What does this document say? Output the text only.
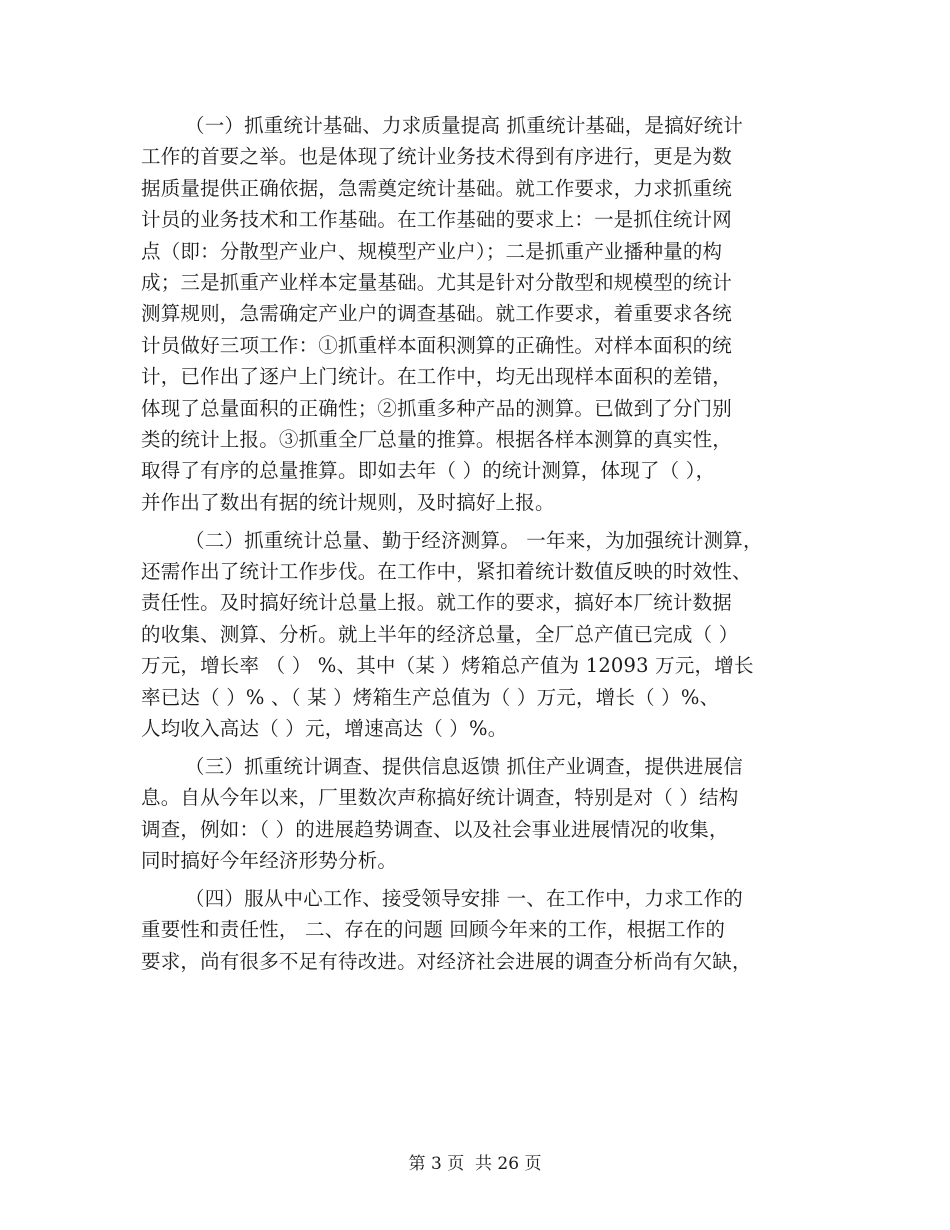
（一）抓重统计基础、力求质量提高 抓重统计基础，是搞好统计
工作的首要之举。也是体现了统计业务技术得到有序进行，更是为数
据质量提供正确依据，急需奠定统计基础。就工作要求，力求抓重统
计员的业务技术和工作基础。在工作基础的要求上：一是抓住统计网
点（即：分散型产业户、规模型产业户）；二是抓重产业播种量的构
成；三是抓重产业样本定量基础。尤其是针对分散型和规模型的统计
测算规则，急需确定产业户的调查基础。就工作要求，着重要求各统
计员做好三项工作：①抓重样本面积测算的正确性。对样本面积的统
计，已作出了逐户上门统计。在工作中，均无出现样本面积的差错，
体现了总量面积的正确性；②抓重多种产品的测算。已做到了分门别
类的统计上报。③抓重全厂总量的推算。根据各样本测算的真实性，
取得了有序的总量推算。即如去年（ ）的统计测算，体现了（ ），
并作出了数出有据的统计规则，及时搞好上报。
（二）抓重统计总量、勤于经济测算。 一年来，为加强统计测算，
还需作出了统计工作步伐。在工作中，紧扣着统计数值反映的时效性、
责任性。及时搞好统计总量上报。就工作的要求，搞好本厂统计数据
的收集、测算、分析。就上半年的经济总量，全厂总产值已完成（ ）
万元，增长率 （ ） %、其中（某 ）烤箱总产值为 12093 万元，增长
率已达（ ）% 、（ 某 ）烤箱生产总值为（ ）万元，增长（ ）%、
人均收入高达（ ）元，增速高达（ ）%。
（三）抓重统计调查、提供信息返馈 抓住产业调查，提供进展信
息。自从今年以来，厂里数次声称搞好统计调查，特别是对（ ）结构
调查，例如：（ ）的进展趋势调查、以及社会事业进展情况的收集，
同时搞好今年经济形势分析。
（四）服从中心工作、接受领导安排 一、在工作中，力求工作的
重要性和责任性， 二、存在的问题 回顾今年来的工作，根据工作的
要求，尚有很多不足有待改进。对经济社会进展的调查分析尚有欠缺，
第 3 页  共 26 页
